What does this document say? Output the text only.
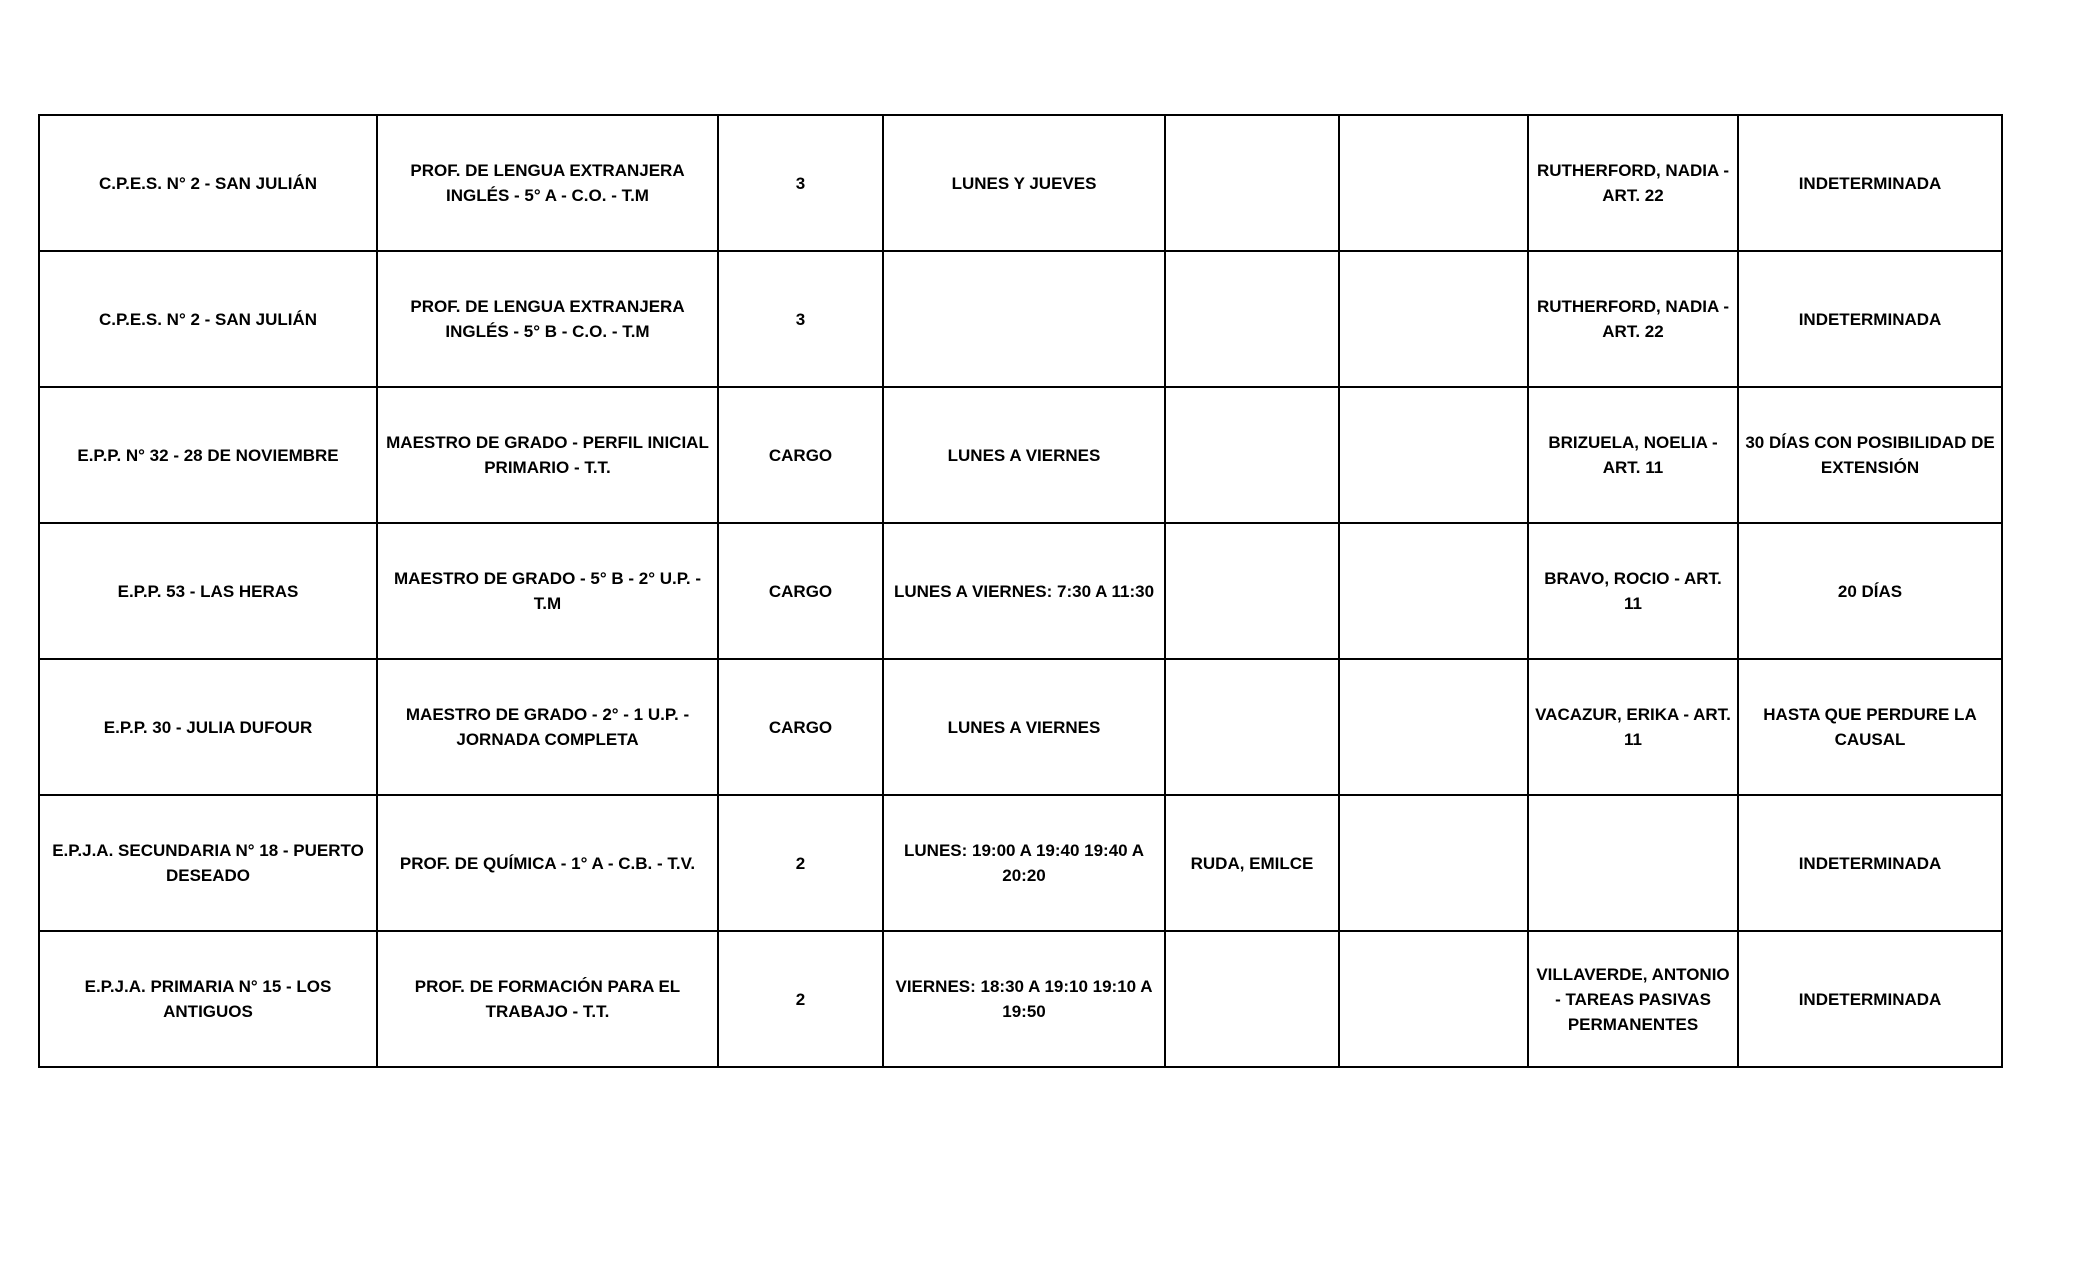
C.P.E.S. N° 2 - SAN JULIÁN	PROF. DE LENGUA EXTRANJERA INGLÉS - 5° A - C.O. - T.M	3	LUNES Y JUEVES			RUTHERFORD, NADIA - ART. 22	INDETERMINADA
C.P.E.S. N° 2 - SAN JULIÁN	PROF. DE LENGUA EXTRANJERA INGLÉS - 5° B - C.O. - T.M	3				RUTHERFORD, NADIA - ART. 22	INDETERMINADA
E.P.P. N° 32 - 28 DE NOVIEMBRE	MAESTRO DE GRADO - PERFIL INICIAL PRIMARIO - T.T.	CARGO	LUNES A VIERNES			BRIZUELA, NOELIA - ART. 11	30 DÍAS CON POSIBILIDAD DE EXTENSIÓN
E.P.P. 53 - LAS HERAS	MAESTRO DE GRADO - 5° B - 2° U.P. - T.M	CARGO	LUNES A VIERNES: 7:30 A 11:30			BRAVO, ROCIO - ART. 11	20 DÍAS
E.P.P. 30 - JULIA DUFOUR	MAESTRO DE GRADO - 2° - 1 U.P. - JORNADA COMPLETA	CARGO	LUNES A VIERNES			VACAZUR, ERIKA - ART. 11	HASTA QUE PERDURE LA CAUSAL
E.P.J.A. SECUNDARIA N° 18 - PUERTO DESEADO	PROF. DE QUÍMICA - 1° A - C.B. - T.V.	2	LUNES: 19:00 A 19:40 19:40 A 20:20	RUDA, EMILCE			INDETERMINADA
E.P.J.A. PRIMARIA N° 15 - LOS ANTIGUOS	PROF. DE FORMACIÓN PARA EL TRABAJO - T.T.	2	VIERNES: 18:30 A 19:10 19:10 A 19:50			VILLAVERDE, ANTONIO - TAREAS PASIVAS PERMANENTES	INDETERMINADA
